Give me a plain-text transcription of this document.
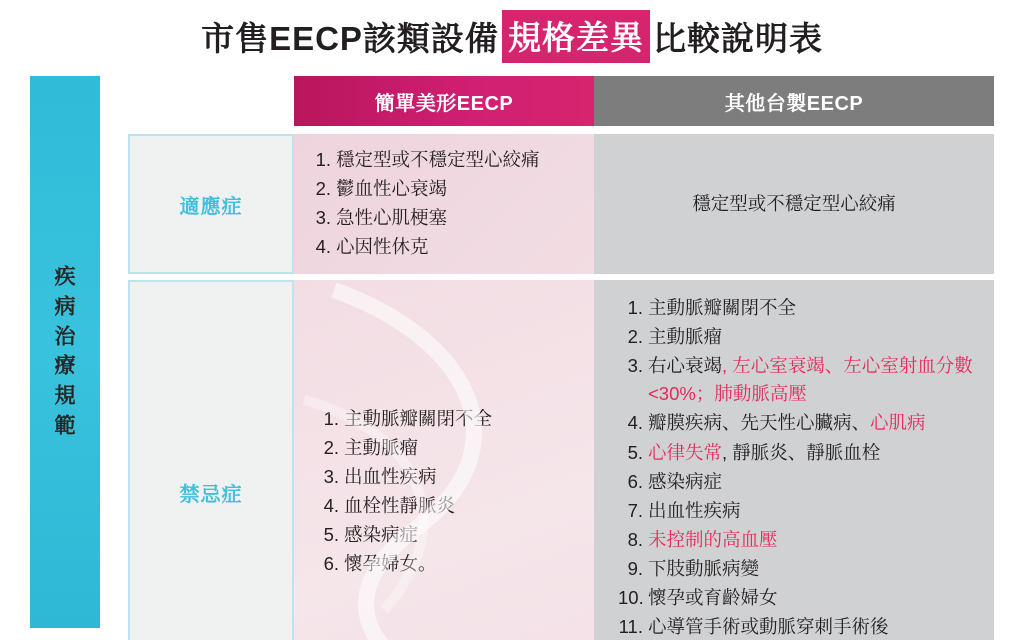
市售EECP該類設備 規格差異 比較說明表
疾
病
治
療
規
範
簡單美形EECP	其他台製EECP
適應症
禁忌症
1. 穩定型或不穩定型心絞痛
2. 鬱血性心衰竭
3. 急性心肌梗塞
4. 心因性休克
穩定型或不穩定型心絞痛
1. 主動脈瓣關閉不全
2. 主動脈瘤
3. 出血性疾病
4. 血栓性靜脈炎
5. 感染病症
6. 懷孕婦女。
1. 主動脈瓣關閉不全
2. 主動脈瘤
3. 右心衰竭, 左心室衰竭、左心室射血分數<30%；肺動脈高壓
4. 瓣膜疾病、先天性心臟病、心肌病
5. 心律失常, 靜脈炎、靜脈血栓
6. 感染病症
7. 出血性疾病
8. 未控制的高血壓
9. 下肢動脈病變
10. 懷孕或育齡婦女
11. 心導管手術或動脈穿刺手術後
